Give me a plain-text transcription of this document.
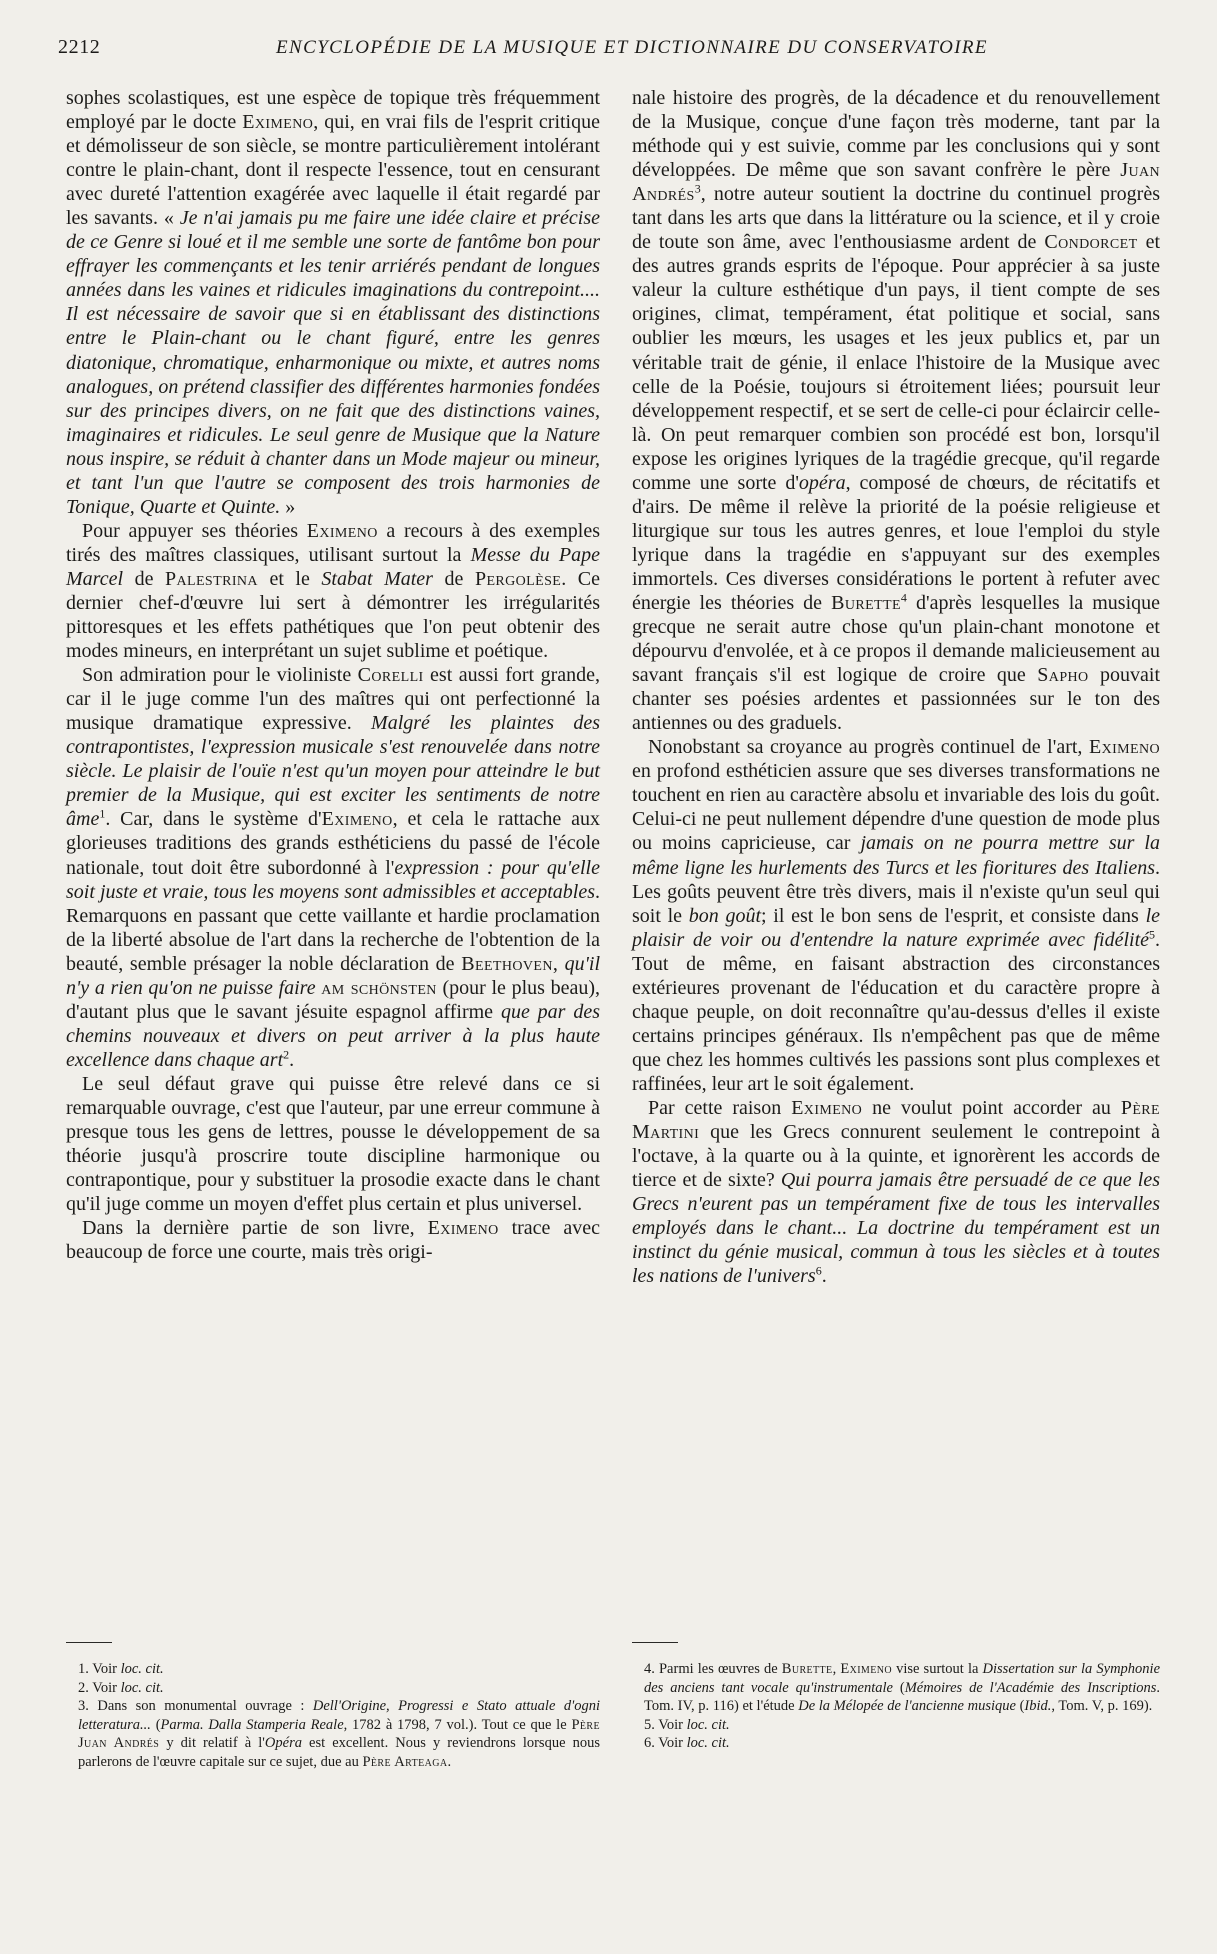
2212	ENCYCLOPÉDIE DE LA MUSIQUE ET DICTIONNAIRE DU CONSERVATOIRE

sophes scolastiques, est une espèce de topique très fréquemment employé par le docte Eximeno, qui, en vrai fils de l'esprit critique et démolisseur de son siècle, se montre particulièrement intolérant contre le plain-chant, dont il respecte l'essence, tout en censurant avec dureté l'attention exagérée avec laquelle il était regardé par les savants. « Je n'ai jamais pu me faire une idée claire et précise de ce Genre si loué et il me semble une sorte de fantôme bon pour effrayer les commençants et les tenir arriérés pendant de longues années dans les vaines et ridicules imaginations du contrepoint.... Il est nécessaire de savoir que si en établissant des distinctions entre le Plain-chant ou le chant figuré, entre les genres diatonique, chromatique, enharmonique ou mixte, et autres noms analogues, on prétend classifier des différentes harmonies fondées sur des principes divers, on ne fait que des distinctions vaines, imaginaires et ridicules. Le seul genre de Musique que la Nature nous inspire, se réduit à chanter dans un Mode majeur ou mineur, et tant l'un que l'autre se composent des trois harmonies de Tonique, Quarte et Quinte. »

Pour appuyer ses théories Eximeno a recours à des exemples tirés des maîtres classiques, utilisant surtout la Messe du Pape Marcel de Palestrina et le Stabat Mater de Pergolèse. Ce dernier chef-d'œuvre lui sert à démontrer les irrégularités pittoresques et les effets pathétiques que l'on peut obtenir des modes mineurs, en interprétant un sujet sublime et poétique.

Son admiration pour le violiniste Corelli est aussi fort grande, car il le juge comme l'un des maîtres qui ont perfectionné la musique dramatique expressive. Malgré les plaintes des contrapontistes, l'expression musicale s'est renouvelée dans notre siècle. Le plaisir de l'ouïe n'est qu'un moyen pour atteindre le but premier de la Musique, qui est exciter les sentiments de notre âme$^1$. Car, dans le système d'Eximeno, et cela le rattache aux glorieuses traditions des grands esthéticiens du passé de l'école nationale, tout doit être subordonné à l'expression : pour qu'elle soit juste et vraie, tous les moyens sont admissibles et acceptables. Remarquons en passant que cette vaillante et hardie proclamation de la liberté absolue de l'art dans la recherche de l'obtention de la beauté, semble présager la noble déclaration de Beethoven, qu'il n'y a rien qu'on ne puisse faire am schönsten (pour le plus beau), d'autant plus que le savant jésuite espagnol affirme que par des chemins nouveaux et divers on peut arriver à la plus haute excellence dans chaque art$^2$.

Le seul défaut grave qui puisse être relevé dans ce si remarquable ouvrage, c'est que l'auteur, par une erreur commune à presque tous les gens de lettres, pousse le développement de sa théorie jusqu'à proscrire toute discipline harmonique ou contrapontique, pour y substituer la prosodie exacte dans le chant qu'il juge comme un moyen d'effet plus certain et plus universel.

Dans la dernière partie de son livre, Eximeno trace avec beaucoup de force une courte, mais très origi-

nale histoire des progrès, de la décadence et du renouvellement de la Musique, conçue d'une façon très moderne, tant par la méthode qui y est suivie, comme par les conclusions qui y sont développées. De même que son savant confrère le père Juan Andrés$^3$, notre auteur soutient la doctrine du continuel progrès tant dans les arts que dans la littérature ou la science, et il y croie de toute son âme, avec l'enthousiasme ardent de Condorcet et des autres grands esprits de l'époque. Pour apprécier à sa juste valeur la culture esthétique d'un pays, il tient compte de ses origines, climat, tempérament, état politique et social, sans oublier les mœurs, les usages et les jeux publics et, par un véritable trait de génie, il enlace l'histoire de la Musique avec celle de la Poésie, toujours si étroitement liées; poursuit leur développement respectif, et se sert de celle-ci pour éclaircir celle-là. On peut remarquer combien son procédé est bon, lorsqu'il expose les origines lyriques de la tragédie grecque, qu'il regarde comme une sorte d'opéra, composé de chœurs, de récitatifs et d'airs. De même il relève la priorité de la poésie religieuse et liturgique sur tous les autres genres, et loue l'emploi du style lyrique dans la tragédie en s'appuyant sur des exemples immortels. Ces diverses considérations le portent à refuter avec énergie les théories de Burette$^4$ d'après lesquelles la musique grecque ne serait autre chose qu'un plain-chant monotone et dépourvu d'envolée, et à ce propos il demande malicieusement au savant français s'il est logique de croire que Sapho pouvait chanter ses poésies ardentes et passionnées sur le ton des antiennes ou des graduels.

Nonobstant sa croyance au progrès continuel de l'art, Eximeno en profond esthéticien assure que ses diverses transformations ne touchent en rien au caractère absolu et invariable des lois du goût. Celui-ci ne peut nullement dépendre d'une question de mode plus ou moins capricieuse, car jamais on ne pourra mettre sur la même ligne les hurlements des Turcs et les fioritures des Italiens. Les goûts peuvent être très divers, mais il n'existe qu'un seul qui soit le bon goût; il est le bon sens de l'esprit, et consiste dans le plaisir de voir ou d'entendre la nature exprimée avec fidélité$^5$. Tout de même, en faisant abstraction des circonstances extérieures provenant de l'éducation et du caractère propre à chaque peuple, on doit reconnaître qu'au-dessus d'elles il existe certains principes généraux. Ils n'empêchent pas que de même que chez les hommes cultivés les passions sont plus complexes et raffinées, leur art le soit également.

Par cette raison Eximeno ne voulut point accorder au Père Martini que les Grecs connurent seulement le contrepoint à l'octave, à la quarte ou à la quinte, et ignorèrent les accords de tierce et de sixte? Qui pourra jamais être persuadé de ce que les Grecs n'eurent pas un tempérament fixe de tous les intervalles employés dans le chant... La doctrine du tempérament est un instinct du génie musical, commun à tous les siècles et à toutes les nations de l'univers$^6$.

1. Voir loc. cit.

2. Voir loc. cit.

3. Dans son monumental ouvrage : Dell'Origine, Progressi e Stato attuale d'ogni letteratura... (Parma. Dalla Stamperia Reale, 1782 à 1798, 7 vol.). Tout ce que le Père Juan Andrés y dit relatif à l'Opéra est excellent. Nous y reviendrons lorsque nous parlerons de l'œuvre capitale sur ce sujet, due au Père Arteaga.

4. Parmi les œuvres de Burette, Eximeno vise surtout la Dissertation sur la Symphonie des anciens tant vocale qu'instrumentale (Mémoires de l'Académie des Inscriptions. Tom. IV, p. 116) et l'étude De la Mélopée de l'ancienne musique (Ibid., Tom. V, p. 169).

5. Voir loc. cit.

6. Voir loc. cit.
